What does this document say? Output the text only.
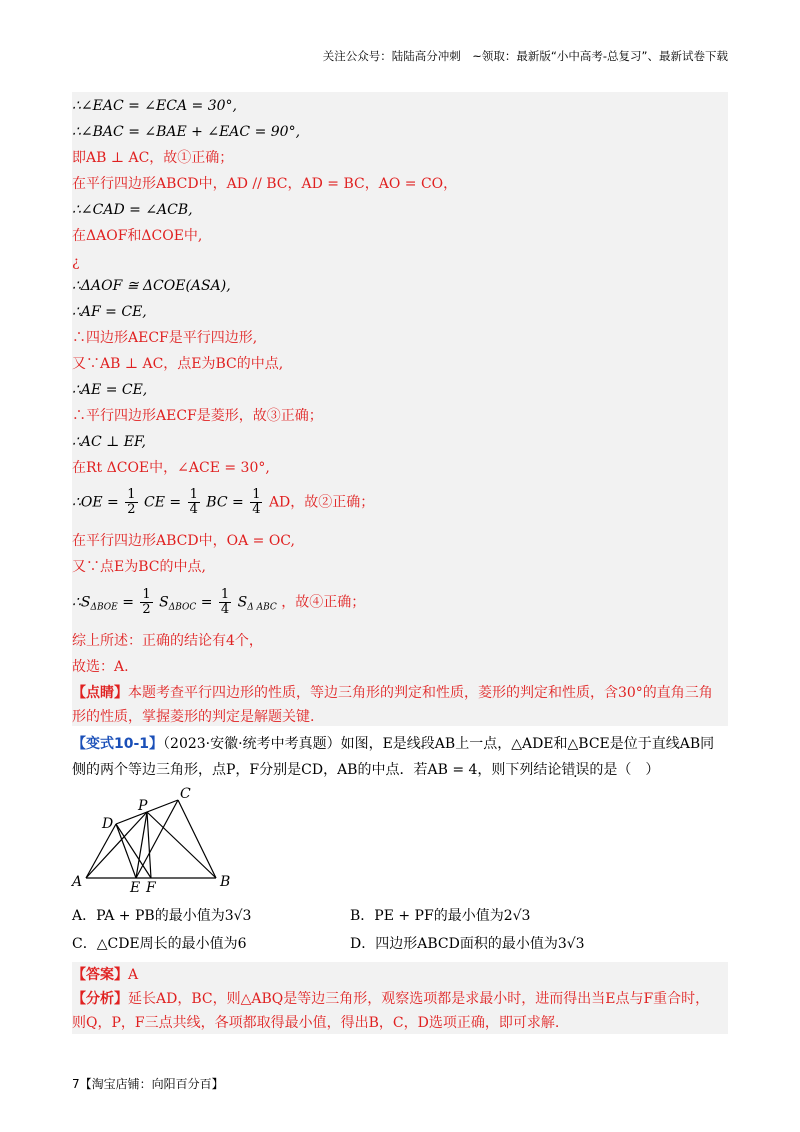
关注公众号：陆陆高分冲刺　~领取：最新版“小中高考-总复习”、最新试卷下载
∴∠EAC = ∠ECA = 30°,
∴∠BAC = ∠BAE + ∠EAC = 90°,
即AB ⊥ AC，故①正确；
在平行四边形ABCD中，AD // BC，AD = BC，AO = CO，
∴∠CAD = ∠ACB,
在ΔAOF和ΔCOE中,
¿
∴ΔAOF ≅ ΔCOE(ASA),
∴AF = CE,
∴四边形AECF是平行四边形,
又∵AB ⊥ AC，点E为BC的中点,
∴AE = CE,
∴平行四边形AECF是菱形，故③正确；
∴AC ⊥ EF,
在Rt ΔCOE中，∠ACE = 30°,
∴OE = $\frac{1}{2}$ CE = $\frac{1}{4}$ BC = $\frac{1}{4}$ AD，故②正确；
在平行四边形ABCD中，OA = OC,
又∵点E为BC的中点,
$\therefore S_{\Delta BOE} = \frac{1}{2} S_{\Delta BOC} = \frac{1}{4} S_{\Delta ABC}$ ，故④正确；
综上所述：正确的结论有4个，
故选：A.
【点睛】本题考查平行四边形的性质，等边三角形的判定和性质，菱形的判定和性质，含30°的直角三角
形的性质，掌握菱形的判定是解题关键.
【变式10-1】（2023·安徽·统考中考真题）如图，E是线段AB上一点，△ADE和△BCE是位于直线AB同
侧的两个等边三角形，点P，F分别是CD，AB的中点．若AB = 4，则下列结论错误的是（　）
A	B
C
D
E F
P
A．PA + PB的最小值为3√3	B．PE + PF的最小值为2√3
C．△CDE周长的最小值为6	D．四边形ABCD面积的最小值为3√3
【答案】A
【分析】延长AD，BC，则△ABQ是等边三角形，观察选项都是求最小时，进而得出当E点与F重合时，
则Q，P，F三点共线，各项都取得最小值，得出B，C，D选项正确，即可求解.
7【淘宝店铺：向阳百分百】
